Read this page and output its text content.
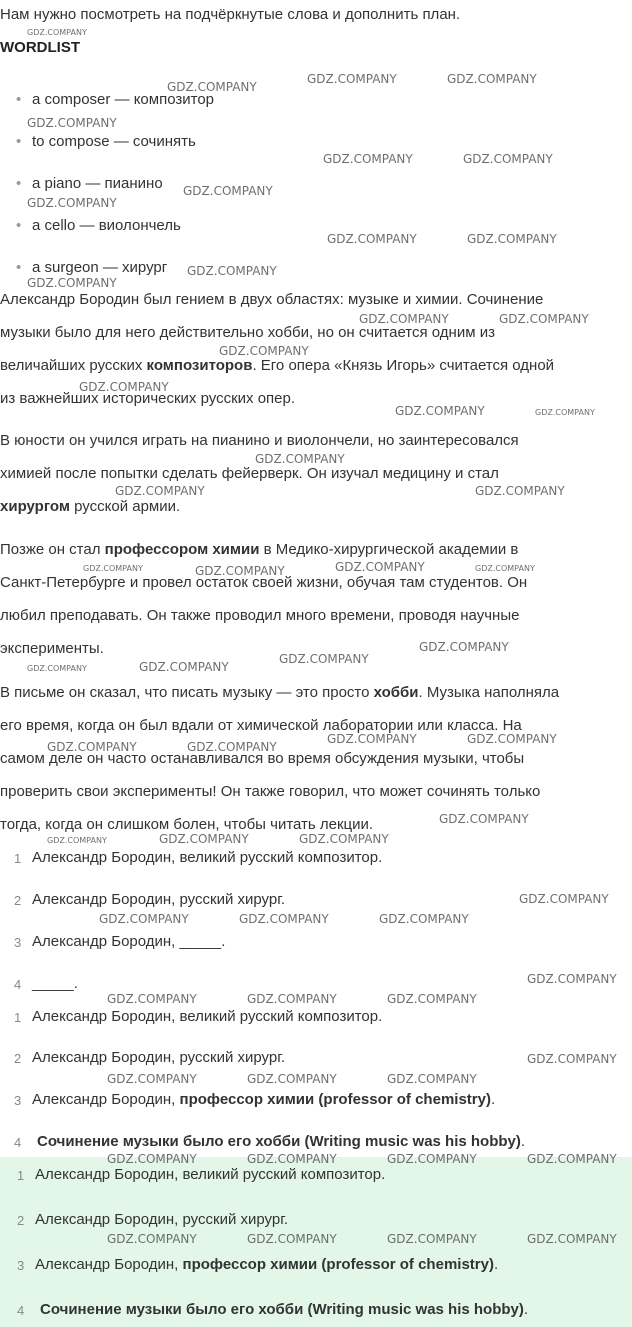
Нам нужно посмотреть на подчёркнутые слова и дополнить план.
WORDLIST
• a composer — композитор
• to compose — сочинять
• a piano — пианино
• a cello — виолончель
• a surgeon — хирург
Александр Бородин был гением в двух областях: музыке и химии. Сочинение
музыки было для него действительно хобби, но он считается одним из
величайших русских композиторов. Его опера «Князь Игорь» считается одной
из важнейших исторических русских опер.
В юности он учился играть на пианино и виолончели, но заинтересовался
химией после попытки сделать фейерверк. Он изучал медицину и стал
хирургом русской армии.
Позже он стал профессором химии в Медико-хирургической академии в
Санкт-Петербурге и провел остаток своей жизни, обучая там студентов. Он
любил преподавать. Он также проводил много времени, проводя научные
эксперименты.
В письме он сказал, что писать музыку — это просто хобби. Музыка наполняла
его время, когда он был вдали от химической лаборатории или класса. На
самом деле он часто останавливался во время обсуждения музыки, чтобы
проверить свои эксперименты! Он также говорил, что может сочинять только
тогда, когда он слишком болен, чтобы читать лекции.
1 Александр Бородин, великий русский композитор.
2 Александр Бородин, русский хирург.
3 Александр Бородин, _____.
4 _____.
1 Александр Бородин, великий русский композитор.
2 Александр Бородин, русский хирург.
3 Александр Бородин, профессор химии (professor of chemistry).
4 Сочинение музыки было его хобби (Writing music was his hobby).
1 Александр Бородин, великий русский композитор.
2 Александр Бородин, русский хирург.
3 Александр Бородин, профессор химии (professor of chemistry).
4 Сочинение музыки было его хобби (Writing music was his hobby).
GDZ.COMPANY
GDZ.COMPANY
GDZ.COMPANY	GDZ.COMPANY
GDZ.COMPANY
GDZ.COMPANY	GDZ.COMPANY
GDZ.COMPANY
GDZ.COMPANY
GDZ.COMPANY	GDZ.COMPANY
GDZ.COMPANY
GDZ.COMPANY
GDZ.COMPANY	GDZ.COMPANY
GDZ.COMPANY
GDZ.COMPANY
GDZ.COMPANY	GDZ.COMPANY
GDZ.COMPANY
GDZ.COMPANY	GDZ.COMPANY
GDZ.COMPANY	GDZ.COMPANY	GDZ.COMPANY	GDZ.COMPANY
GDZ.COMPANY
GDZ.COMPANY	GDZ.COMPANY
GDZ.COMPANY
GDZ.COMPANY	GDZ.COMPANY
GDZ.COMPANY	GDZ.COMPANY
GDZ.COMPANY
GDZ.COMPANY	GDZ.COMPANY	GDZ.COMPANY
GDZ.COMPANY
GDZ.COMPANY	GDZ.COMPANY	GDZ.COMPANY
GDZ.COMPANY
GDZ.COMPANY	GDZ.COMPANY	GDZ.COMPANY
GDZ.COMPANY
GDZ.COMPANY	GDZ.COMPANY	GDZ.COMPANY
GDZ.COMPANY	GDZ.COMPANY	GDZ.COMPANY	GDZ.COMPANY
GDZ.COMPANY	GDZ.COMPANY	GDZ.COMPANY	GDZ.COMPANY
